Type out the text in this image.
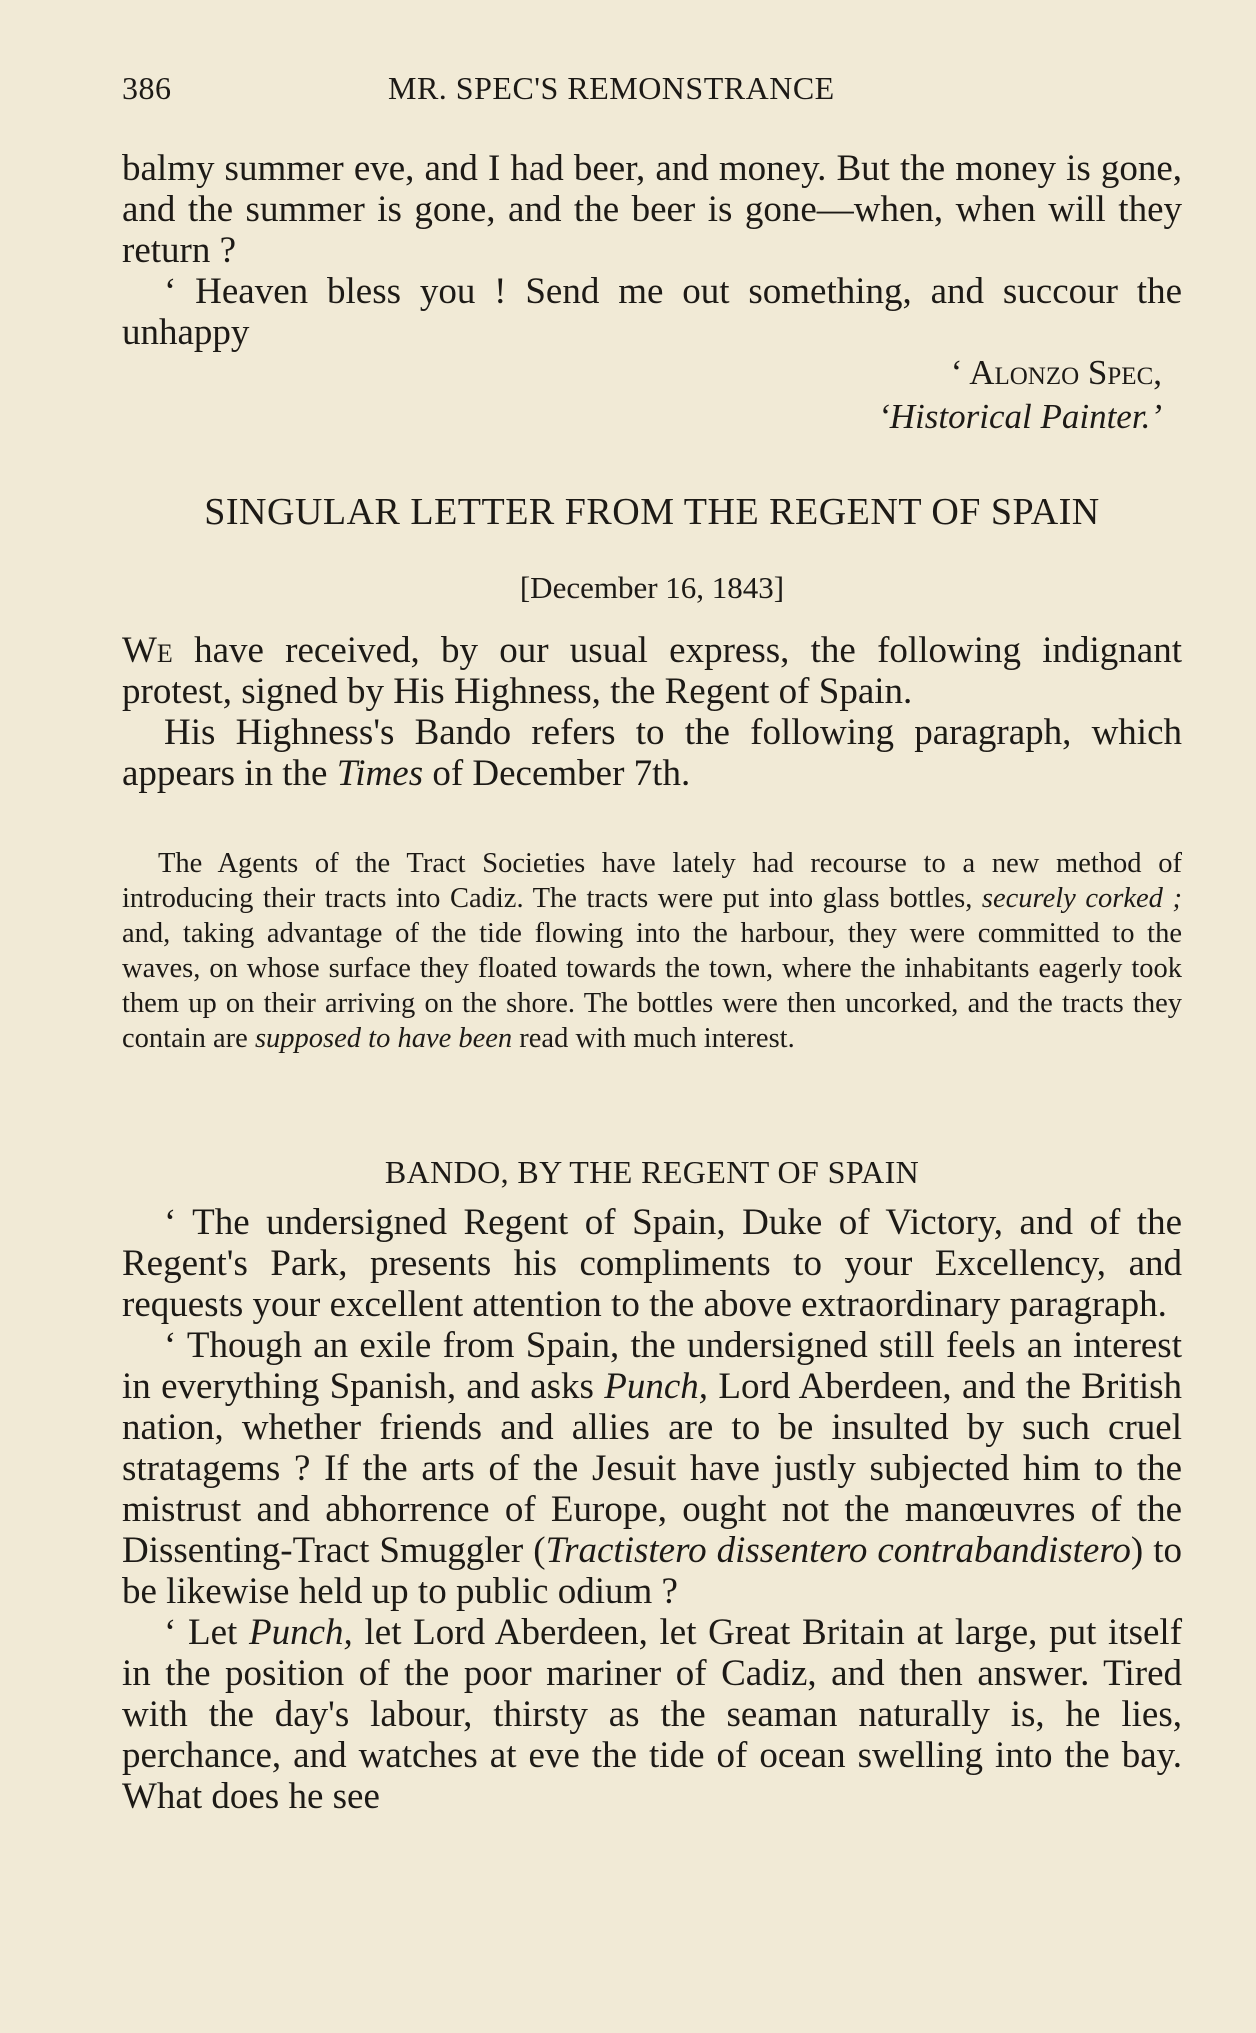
386	MR. SPEC'S REMONSTRANCE

balmy summer eve, and I had beer, and money. But the money is gone, and the summer is gone, and the beer is gone—when, when will they return ?

‘ Heaven bless you ! Send me out something, and succour the unhappy

‘ Alonzo Spec,
‘Historical Painter.’
SINGULAR LETTER FROM THE REGENT OF SPAIN
[December 16, 1843]

We have received, by our usual express, the following indignant protest, signed by His Highness, the Regent of Spain.

His Highness's Bando refers to the following paragraph, which appears in the Times of December 7th.

The Agents of the Tract Societies have lately had recourse to a new method of introducing their tracts into Cadiz. The tracts were put into glass bottles, securely corked ; and, taking advantage of the tide flowing into the harbour, they were committed to the waves, on whose surface they floated towards the town, where the inhabitants eagerly took them up on their arriving on the shore. The bottles were then uncorked, and the tracts they contain are supposed to have been read with much interest.

BANDO, BY THE REGENT OF SPAIN

‘ The undersigned Regent of Spain, Duke of Victory, and of the Regent's Park, presents his compliments to your Excellency, and requests your excellent attention to the above extraordinary paragraph.

‘ Though an exile from Spain, the undersigned still feels an interest in everything Spanish, and asks Punch, Lord Aberdeen, and the British nation, whether friends and allies are to be insulted by such cruel stratagems ? If the arts of the Jesuit have justly subjected him to the mistrust and abhorrence of Europe, ought not the manœuvres of the Dissenting-Tract Smuggler (Tractistero dissentero contrabandistero) to be likewise held up to public odium ?

‘ Let Punch, let Lord Aberdeen, let Great Britain at large, put itself in the position of the poor mariner of Cadiz, and then answer. Tired with the day's labour, thirsty as the seaman naturally is, he lies, perchance, and watches at eve the tide of ocean swelling into the bay. What does he see
